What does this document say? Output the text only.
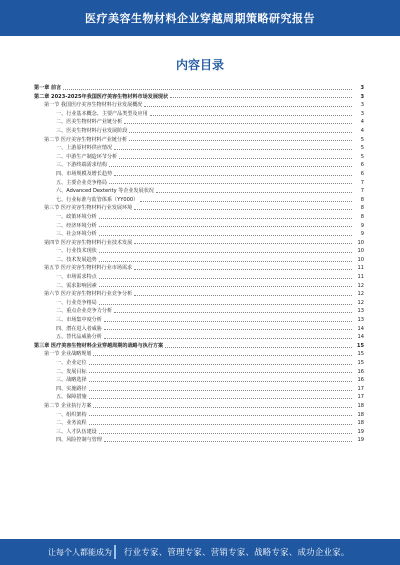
医疗美容生物材料企业穿越周期策略研究报告
内容目录
第一章 前言	3
第二章 2023-2025年我国医疗美容生物材料市场发展现状	3
第一节 我国医疗美容生物材料行业发展概况	3
一、行业基本概念、主要产品类型及应用	3
二、医美生物材料产业链分析	4
三、医美生物材料行业发展阶段	4
第二节 医疗美容生物材料产业链分析	5
一、上游原材料供应情况	5
二、中游生产制造环节分析	5
三、下游终端需求结构	6
四、市场规模及增长趋势	6
五、主要企业竞争格局	7
六、Advanced Dexterity 等企业发展状况	7
七、行业标准与监管体系（YY000）	8
第三节 医疗美容生物材料行业发展环境	8
一、政策环境分析	8
二、经济环境分析	9
三、社会环境分析	9
第四节 医疗美容生物材料行业技术发展	10
一、行业技术现状	10
二、技术发展趋势	10
第五节 医疗美容生物材料行业市场需求	11
一、市场需求特点	11
二、需求影响因素	12
第六节 医疗美容生物材料行业竞争分析	12
一、行业竞争格局	12
二、重点企业竞争力分析	13
三、市场集中度分析	13
四、潜在进入者威胁	14
五、替代品威胁分析	14
第三章 医疗美容生物材料企业穿越周期的战略与执行方案	15
第一节 企业战略规划	15
一、企业定位	15
二、发展目标	16
三、战略选择	16
四、实施路径	17
五、保障措施	17
第二节 企业执行方案	18
一、组织架构	18
二、业务流程	18
三、人才队伍建设	19
四、风险控制与管理	19
让每个人都能成为 行业专家、管理专家、营销专家、战略专家、成功企业家。
